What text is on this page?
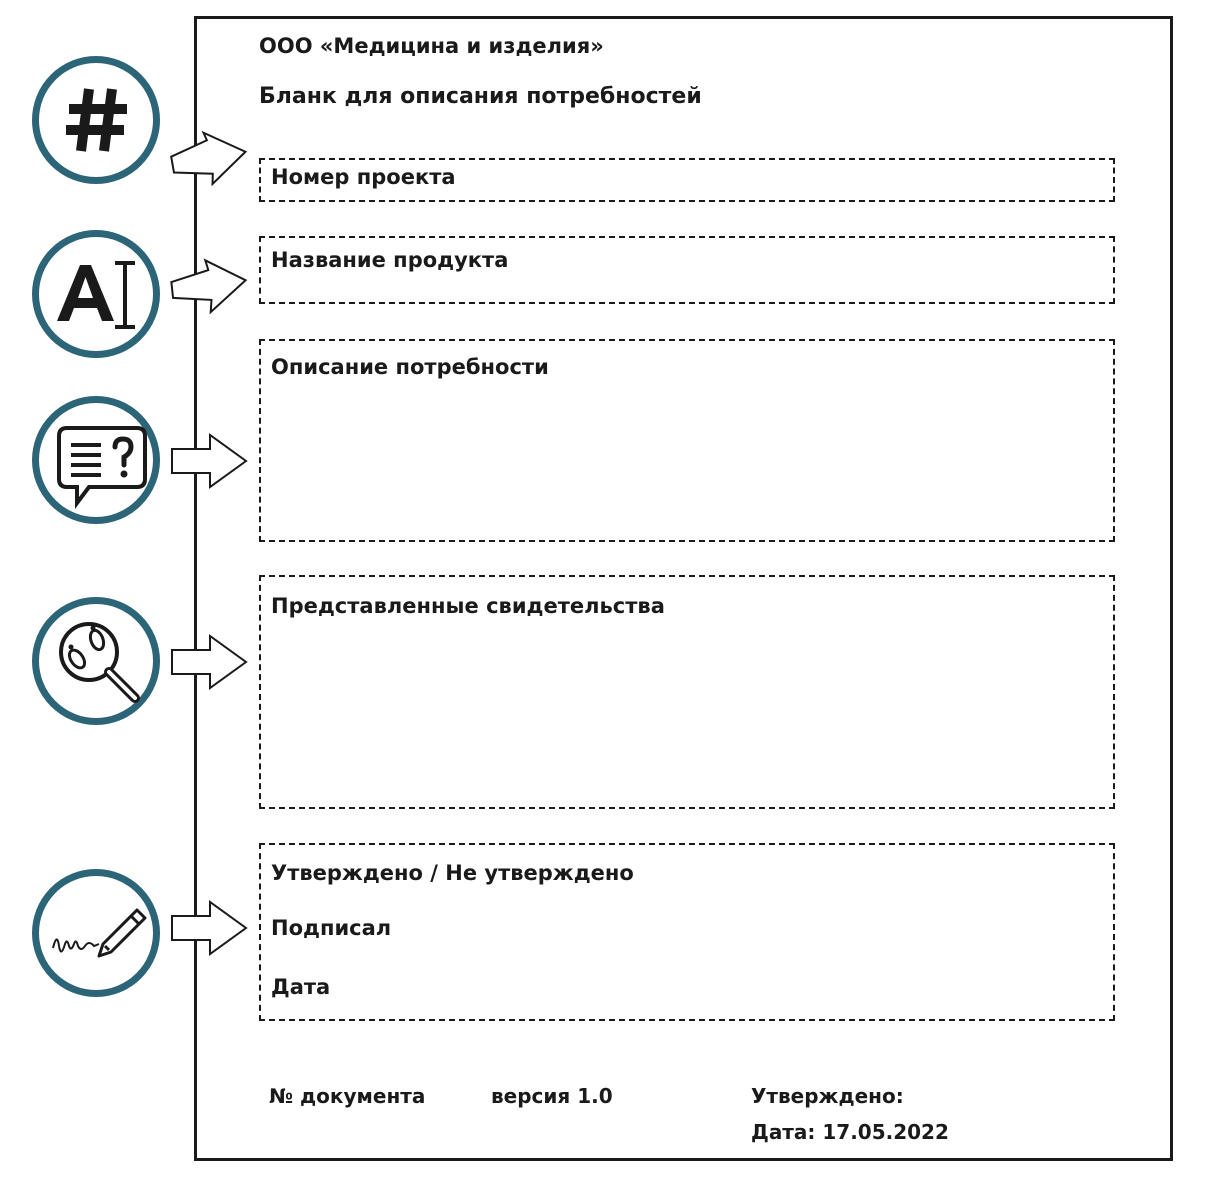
ООО «Медицина и изделия»
Бланк для описания потребностей
Номер проекта
Название продукта
Описание потребности
Представленные свидетельства
Утверждено / Не утверждено
Подписал
Дата
№ документа	версия 1.0	Утверждено:
Дата: 17.05.2022
